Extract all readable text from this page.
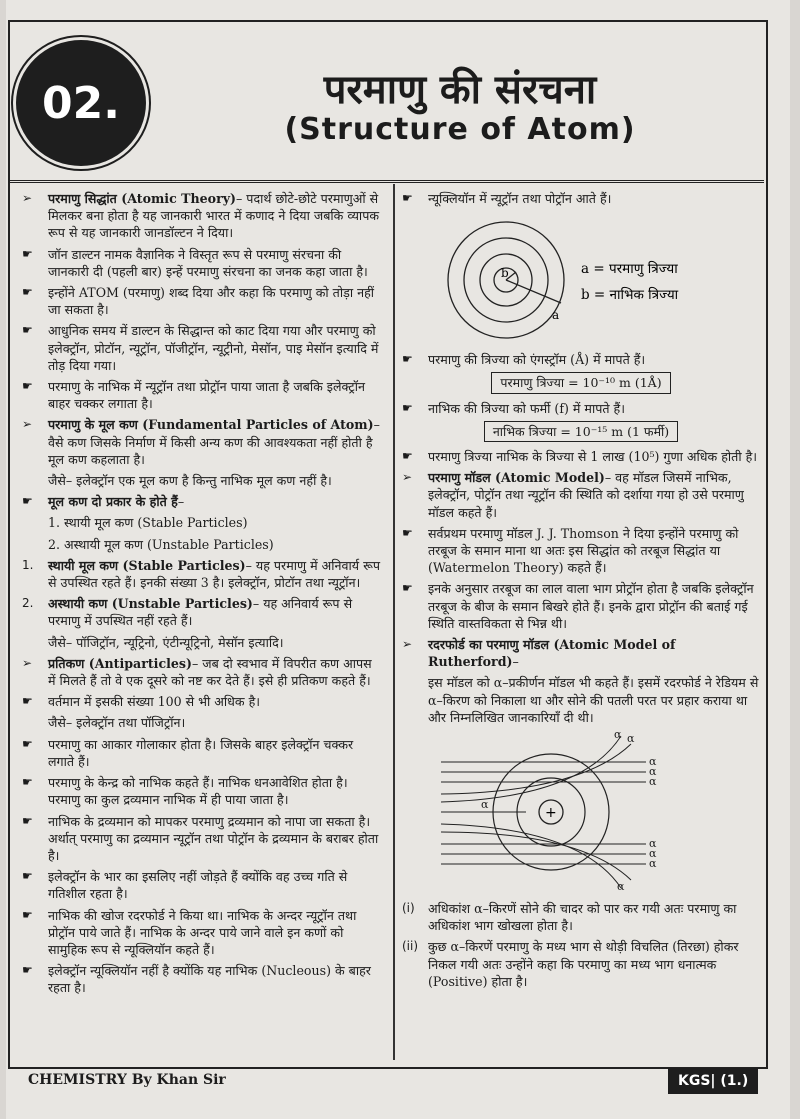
02.	परमाणु की संरचना
(Structure of Atom)
➢	परमाणु सिद्धांत (Atomic Theory)– पदार्थ छोटे-छोटे परमाणुओं से मिलकर बना होता है यह जानकारी भारत में कणाद ने दिया जबकि व्यापक रूप से यह जानकारी जानडॉल्टन ने दिया।
☛	जॉन डाल्टन नामक वैज्ञानिक ने विस्तृत रूप से परमाणु संरचना की जानकारी दी (पहली बार) इन्हें परमाणु संरचना का जनक कहा जाता है।
☛	इन्होंने ATOM (परमाणु) शब्द दिया और कहा कि परमाणु को तोड़ा नहीं जा सकता है।
☛	आधुनिक समय में डाल्टन के सिद्धान्त को काट दिया गया और परमाणु को इलेक्ट्रॉन, प्रोटॉन, न्यूट्रॉन, पॉजीट्रॉन, न्यूट्रीनो, मेसॉन, पाइ मेसॉन इत्यादि में तोड़ दिया गया।
☛	परमाणु के नाभिक में न्यूट्रॉन तथा प्रोट्रॉन पाया जाता है जबकि इलेक्ट्रॉन बाहर चक्कर लगाता है।
➢	परमाणु के मूल कण (Fundamental Particles of Atom)– वैसे कण जिसके निर्माण में किसी अन्य कण की आवश्यकता नहीं होती है मूल कण कहलाता है।
जैसे– इलेक्ट्रॉन एक मूल कण है किन्तु नाभिक मूल कण नहीं है।
☛	मूल कण दो प्रकार के होते हैं–
1. स्थायी मूल कण (Stable Particles)
2. अस्थायी मूल कण (Unstable Particles)
1.	स्थायी मूल कण (Stable Particles)– यह परमाणु में अनिवार्य रूप से उपस्थित रहते हैं। इनकी संख्या 3 है। इलेक्ट्रॉन, प्रोटॉन तथा न्यूट्रॉन।
2.	अस्थायी कण (Unstable Particles)– यह अनिवार्य रूप से परमाणु में उपस्थित नहीं रहते हैं।
जैसे– पॉजिट्रॉन, न्यूट्रिनो, एंटीन्यूट्रिनो, मेसॉन इत्यादि।
➢	प्रतिकण (Antiparticles)– जब दो स्वभाव में विपरीत कण आपस में मिलते हैं तो वे एक दूसरे को नष्ट कर देते हैं। इसे ही प्रतिकण कहते हैं।
☛	वर्तमान में इसकी संख्या 100 से भी अधिक है।
जैसे– इलेक्ट्रॉन तथा पॉजिट्रॉन।
☛	परमाणु का आकार गोलाकार होता है। जिसके बाहर इलेक्ट्रॉन चक्कर लगाते हैं।
☛	परमाणु के केन्द्र को नाभिक कहते हैं। नाभिक धनआवेशित होता है। परमाणु का कुल द्रव्यमान नाभिक में ही पाया जाता है।
☛	नाभिक के द्रव्यमान को मापकर परमाणु द्रव्यमान को नापा जा सकता है। अर्थात् परमाणु का द्रव्यमान न्यूट्रॉन तथा पोट्रॉन के द्रव्यमान के बराबर होता है।
☛	इलेक्ट्रॉन के भार का इसलिए नहीं जोड़ते हैं क्योंकि वह उच्च गति से गतिशील रहता है।
☛	नाभिक की खोज रदरफोर्ड ने किया था। नाभिक के अन्दर न्यूट्रॉन तथा प्रोट्रॉन पाये जाते हैं। नाभिक के अन्दर पाये जाने वाले इन कणों को सामुहिक रूप से न्यूक्लियॉन कहते हैं।
☛	इलेक्ट्रॉन न्यूक्लियॉन नहीं है क्योंकि यह नाभिक (Nucleous) के बाहर रहता है।
☛	न्यूक्लियॉन में न्यूट्रॉन तथा पोट्रॉन आते हैं।
b
a
a = परमाणु त्रिज्या
b = नाभिक त्रिज्या
☛	परमाणु की त्रिज्या को एंगस्ट्रॉम (Å) में मापते हैं।
परमाणु त्रिज्या = 10⁻¹⁰ m (1Å)
☛	नाभिक की त्रिज्या को फर्मी (f) में मापते हैं।
नाभिक त्रिज्या = 10⁻¹⁵ m (1 फर्मी)
☛	परमाणु त्रिज्या नाभिक के त्रिज्या से 1 लाख (10⁵) गुणा अधिक होती है।
➢	परमाणु मॉडल (Atomic Model)– वह मॉडल जिसमें नाभिक, इलेक्ट्रॉन, पोट्रॉन तथा न्यूट्रॉन की स्थिति को दर्शाया गया हो उसे परमाणु मॉडल कहते हैं।
☛	सर्वप्रथम परमाणु मॉडल J. J. Thomson ने दिया इन्होंने परमाणु को तरबूज के समान माना था अतः इस सिद्धांत को तरबूज सिद्धांत या (Watermelon Theory) कहते हैं।
☛	इनके अनुसार तरबूज का लाल वाला भाग प्रोट्रॉन होता है जबकि इलेक्ट्रॉन तरबूज के बीज के समान बिखरे होते हैं। इनके द्वारा प्रोट्रॉन की बताई गई स्थिति वास्तविकता से भिन्न थी।
➢	रदरफोर्ड का परमाणु मॉडल (Atomic Model of Rutherford)–
इस मॉडल को α–प्रकीर्णन मॉडल भी कहते हैं। इसमें रदरफोर्ड ने रेडियम से α–किरण को निकाला था और सोने की पतली परत पर प्रहार कराया था और निम्नलिखित जानकारियाँ दी थी।
+
α
α
α
α
α
α
α
α
α
α
(i)	अधिकांश α–किरणें सोने की चादर को पार कर गयी अतः परमाणु का अधिकांश भाग खोखला होता है।
(ii) कुछ α–किरणें परमाणु के मध्य भाग से थोड़ी विचलित (तिरछा) होकर निकल गयी अतः उन्होंने कहा कि परमाणु का मध्य भाग धनात्मक (Positive) होता है।
CHEMISTRY By Khan Sir	KGS| (1.)
